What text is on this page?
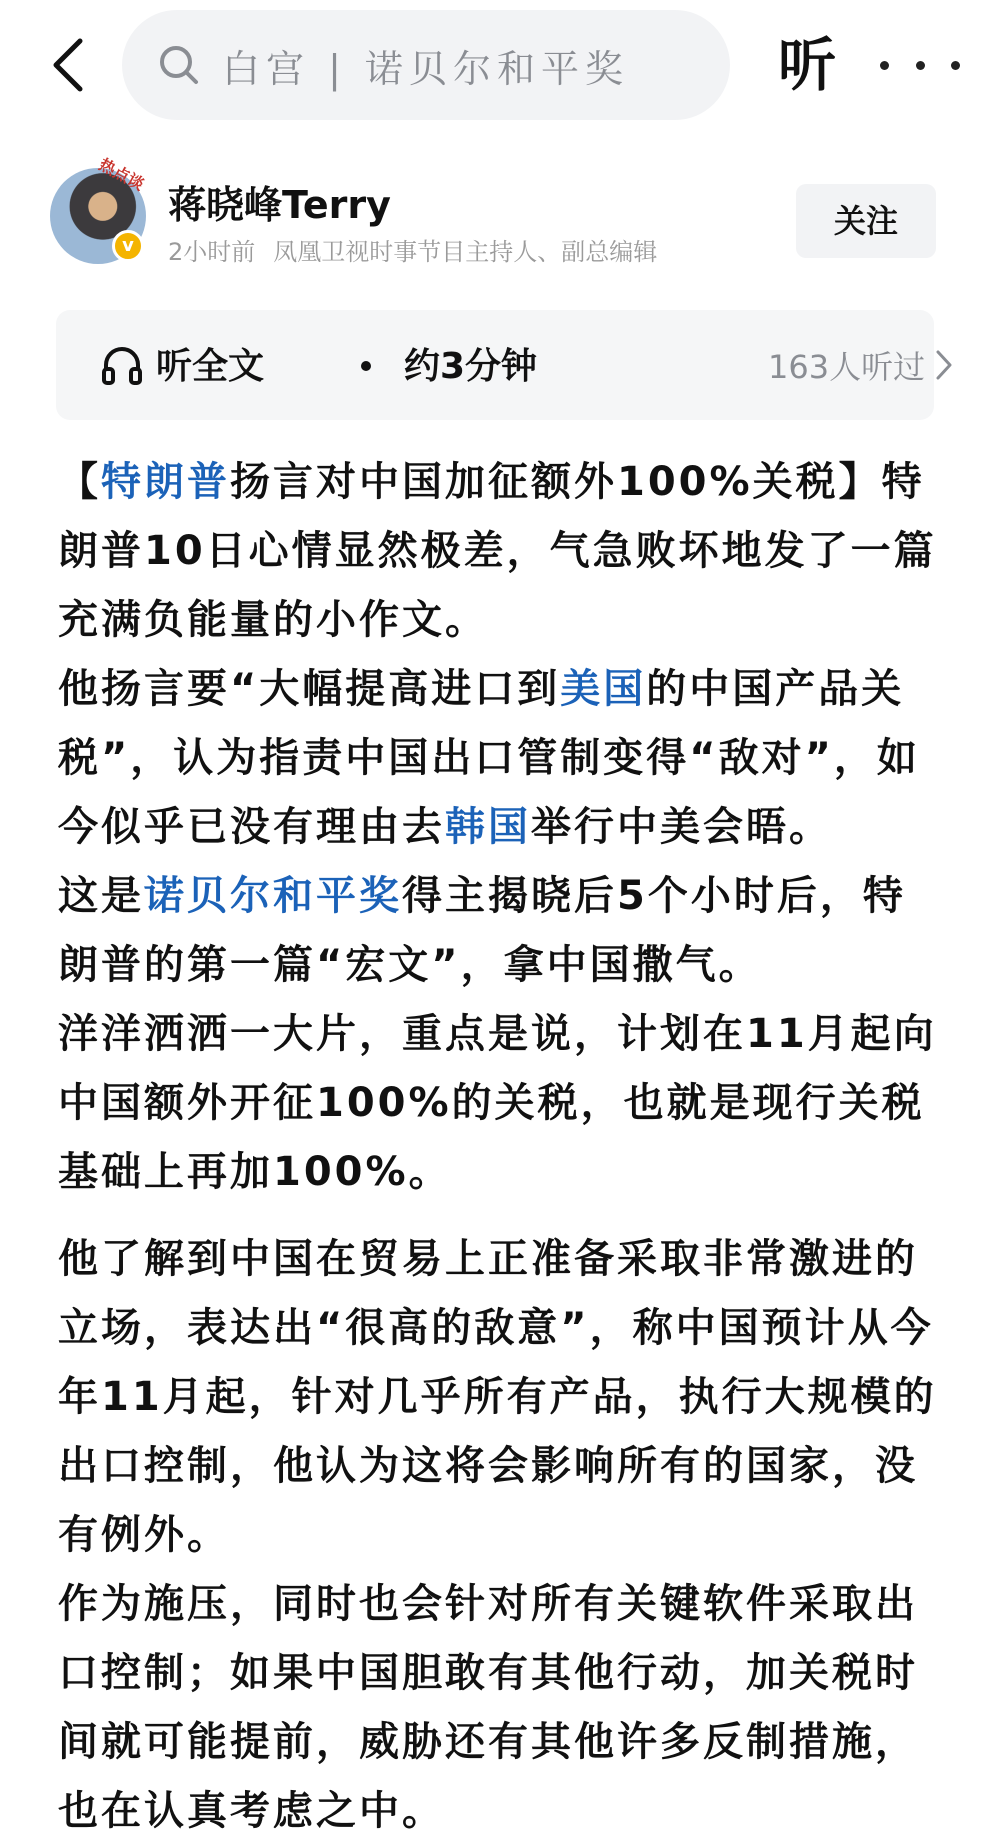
白宫 | 诺贝尔和平奖	听
热点谈
v
蒋晓峰Terry
2小时前 凤凰卫视时事节目主持人、副总编辑
关注
听全文	约3分钟	163人听过

【特朗普扬言对中国加征额外100%关税】特朗普10日心情显然极差，气急败坏地发了一篇充满负能量的小作文。

他扬言要“大幅提高进口到美国的中国产品关税”，认为指责中国出口管制变得“敌对”，如今似乎已没有理由去韩国举行中美会晤。

这是诺贝尔和平奖得主揭晓后5个小时后，特朗普的第一篇“宏文”，拿中国撒气。

洋洋洒洒一大片，重点是说，计划在11月起向中国额外开征100%的关税，也就是现行关税基础上再加100%。

他了解到中国在贸易上正准备采取非常激进的立场，表达出“很高的敌意”，称中国预计从今年11月起，针对几乎所有产品，执行大规模的出口控制，他认为这将会影响所有的国家，没有例外。

作为施压，同时也会针对所有关键软件采取出口控制；如果中国胆敢有其他行动，加关税时间就可能提前，威胁还有其他许多反制措施，也在认真考虑之中。
